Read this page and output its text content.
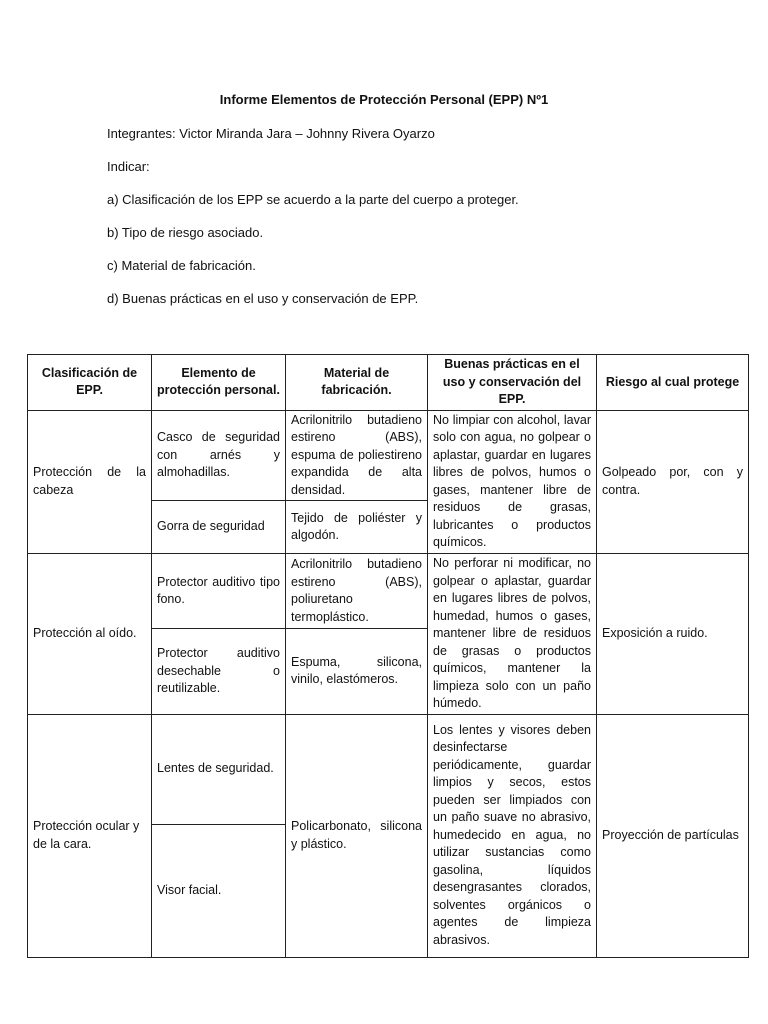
Informe Elementos de Protección Personal (EPP) Nº1
Integrantes: Victor Miranda Jara – Johnny Rivera Oyarzo
Indicar:
a) Clasificación de los EPP se acuerdo a la parte del cuerpo a proteger.
b) Tipo de riesgo asociado.
c) Material de fabricación.
d) Buenas prácticas en el uso y conservación de EPP.
Clasificación de EPP.	Elemento de protección personal.	Material de fabricación.	Buenas prácticas en el uso y conservación del EPP.	Riesgo al cual protege
Protección de la cabeza	Casco de seguridad con arnés y almohadillas.	Acrilonitrilo butadieno estireno (ABS), espuma de poliestireno expandida de alta densidad.	No limpiar con alcohol, lavar solo con agua, no golpear o aplastar, guardar en lugares libres de polvos, humos o gases, mantener libre de residuos de grasas, lubricantes o productos químicos.	Golpeado por, con y contra.
	Gorra de seguridad	Tejido de poliéster y algodón.		
Protección al oído.	Protector auditivo tipo fono.	Acrilonitrilo butadieno estireno (ABS), poliuretano termoplástico.	No perforar ni modificar, no golpear o aplastar, guardar en lugares libres de polvos, humedad, humos o gases, mantener libre de residuos de grasas o productos químicos, mantener la limpieza solo con un paño húmedo.	Exposición a ruido.
	Protector auditivo desechable o reutilizable.	Espuma, silicona, vinilo, elastómeros.		
Protección ocular y de la cara.	Lentes de seguridad.	Policarbonato, silicona y plástico.	Los lentes y visores deben desinfectarse periódicamente, guardar limpios y secos, estos pueden ser limpiados con un paño suave no abrasivo, humedecido en agua, no utilizar sustancias como gasolina, líquidos desengrasantes clorados, solventes orgánicos o agentes de limpieza abrasivos.	Proyección de partículas
	Visor facial.			
